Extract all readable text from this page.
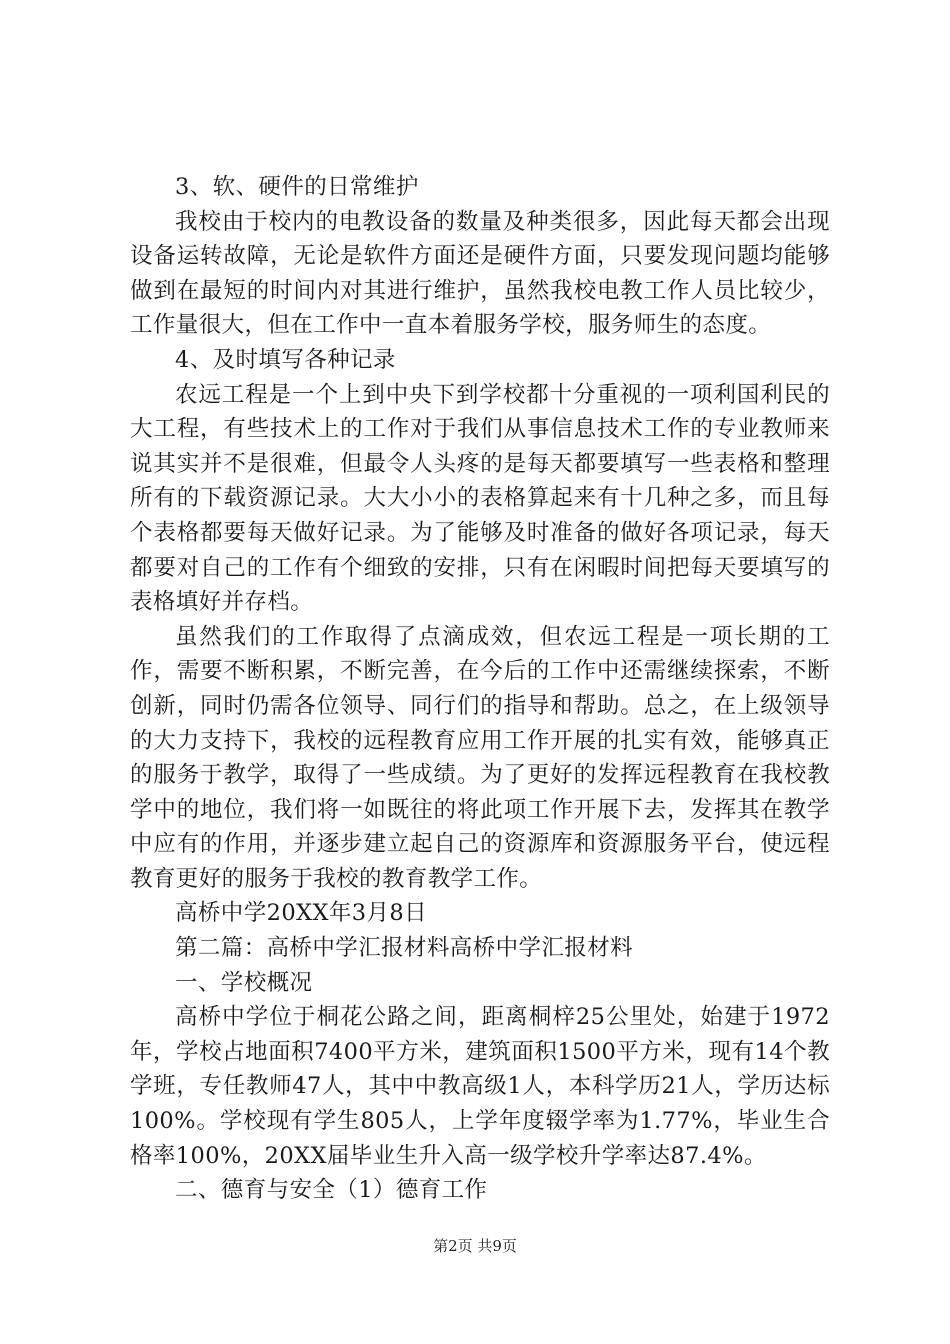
3、软、硬件的日常维护

我校由于校内的电教设备的数量及种类很多，因此每天都会出现设备运转故障，无论是软件方面还是硬件方面，只要发现问题均能够做到在最短的时间内对其进行维护，虽然我校电教工作人员比较少，工作量很大，但在工作中一直本着服务学校，服务师生的态度。

4、及时填写各种记录

农远工程是一个上到中央下到学校都十分重视的一项利国利民的大工程，有些技术上的工作对于我们从事信息技术工作的专业教师来说其实并不是很难，但最令人头疼的是每天都要填写一些表格和整理所有的下载资源记录。大大小小的表格算起来有十几种之多，而且每个表格都要每天做好记录。为了能够及时准备的做好各项记录，每天都要对自己的工作有个细致的安排，只有在闲暇时间把每天要填写的表格填好并存档。

虽然我们的工作取得了点滴成效，但农远工程是一项长期的工作，需要不断积累，不断完善，在今后的工作中还需继续探索，不断创新，同时仍需各位领导、同行们的指导和帮助。总之，在上级领导的大力支持下，我校的远程教育应用工作开展的扎实有效，能够真正的服务于教学，取得了一些成绩。为了更好的发挥远程教育在我校教学中的地位，我们将一如既往的将此项工作开展下去，发挥其在教学中应有的作用，并逐步建立起自己的资源库和资源服务平台，使远程教育更好的服务于我校的教育教学工作。

高桥中学20XX年3月8日

第二篇：高桥中学汇报材料高桥中学汇报材料

一、学校概况

高桥中学位于桐花公路之间，距离桐梓25公里处，始建于1972年，学校占地面积7400平方米，建筑面积1500平方米，现有14个教学班，专任教师47人，其中中教高级1人，本科学历21人，学历达标100%。学校现有学生805人，上学年度辍学率为1.77%，毕业生合格率100%，20XX届毕业生升入高一级学校升学率达87.4%。

二、德育与安全（1）德育工作

第2页 共9页
